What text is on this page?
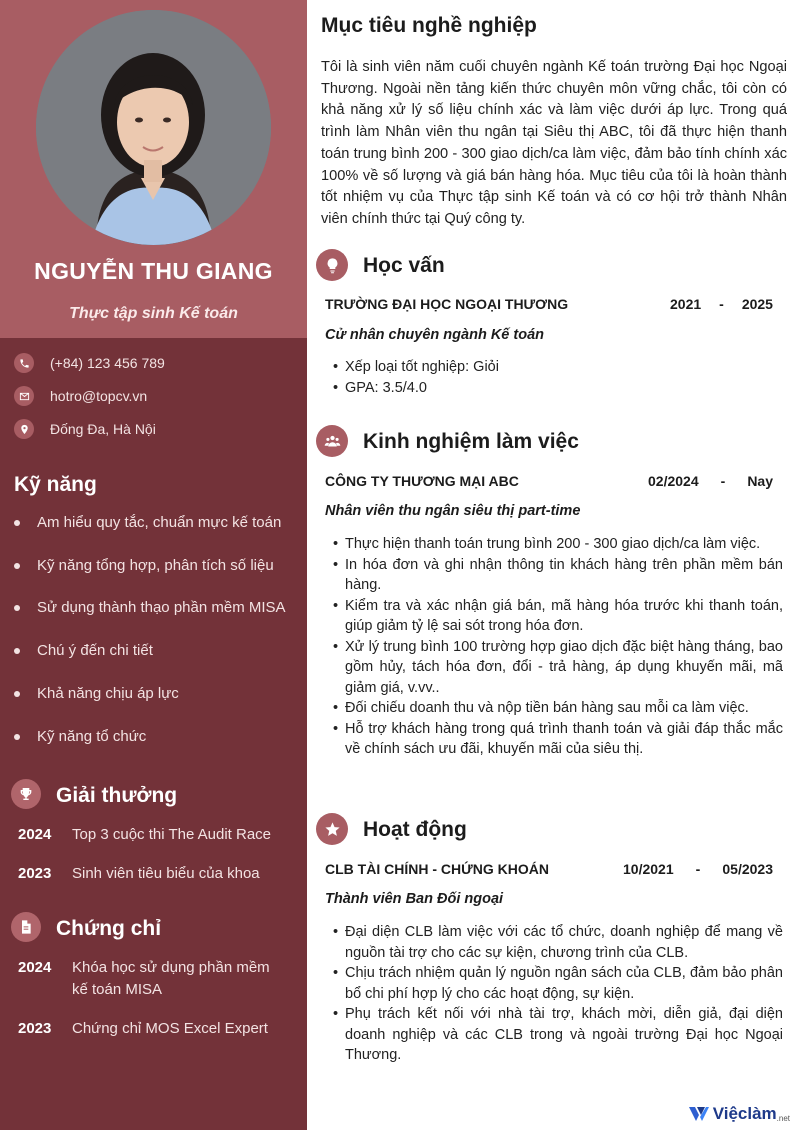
NGUYỄN THU GIANG
Thực tập sinh Kế toán
(+84) 123 456 789
hotro@topcv.vn
Đống Đa, Hà Nội
Kỹ năng
Am hiểu quy tắc, chuẩn mực kế toán
Kỹ năng tổng hợp, phân tích số liệu
Sử dụng thành thạo phần mềm MISA
Chú ý đến chi tiết
Khả năng chịu áp lực
Kỹ năng tổ chức
Giải thưởng
2024	Top 3 cuộc thi The Audit Race
2023	Sinh viên tiêu biểu của khoa
Chứng chỉ
2024	Khóa học sử dụng phần mềm kế toán MISA
2023	Chứng chỉ MOS Excel Expert
Mục tiêu nghề nghiệp
Tôi là sinh viên năm cuối chuyên ngành Kế toán trường Đại học Ngoại Thương. Ngoài nền tảng kiến thức chuyên môn vững chắc, tôi còn có khả năng xử lý số liệu chính xác và làm việc dưới áp lực. Trong quá trình làm Nhân viên thu ngân tại Siêu thị ABC, tôi đã thực hiện thanh toán trung bình 200 - 300 giao dịch/ca làm việc, đảm bảo tính chính xác 100% về số lượng và giá bán hàng hóa. Mục tiêu của tôi là hoàn thành tốt nhiệm vụ của Thực tập sinh Kế toán và có cơ hội trở thành Nhân viên chính thức tại Quý công ty.
Học vấn
TRƯỜNG ĐẠI HỌC NGOẠI THƯƠNG	2021 - 2025
Cử nhân chuyên ngành Kế toán
• Xếp loại tốt nghiệp: Giỏi
• GPA: 3.5/4.0
Kinh nghiệm làm việc
CÔNG TY THƯƠNG MẠI ABC	02/2024 - Nay
Nhân viên thu ngân siêu thị part-time
• Thực hiện thanh toán trung bình 200 - 300 giao dịch/ca làm việc.
• In hóa đơn và ghi nhận thông tin khách hàng trên phần mềm bán hàng.
• Kiểm tra và xác nhận giá bán, mã hàng hóa trước khi thanh toán, giúp giảm tỷ lệ sai sót trong hóa đơn.
• Xử lý trung bình 100 trường hợp giao dịch đặc biệt hàng tháng, bao gồm hủy, tách hóa đơn, đổi - trả hàng, áp dụng khuyến mãi, mã giảm giá, v.vv..
• Đối chiếu doanh thu và nộp tiền bán hàng sau mỗi ca làm việc.
• Hỗ trợ khách hàng trong quá trình thanh toán và giải đáp thắc mắc về chính sách ưu đãi, khuyến mãi của siêu thị.
Hoạt động
CLB TÀI CHÍNH - CHỨNG KHOÁN	10/2021 - 05/2023
Thành viên Ban Đối ngoại
• Đại diện CLB làm việc với các tổ chức, doanh nghiệp để mang về nguồn tài trợ cho các sự kiện, chương trình của CLB.
• Chịu trách nhiệm quản lý nguồn ngân sách của CLB, đảm bảo phân bổ chi phí hợp lý cho các hoạt động, sự kiện.
• Phụ trách kết nối với nhà tài trợ, khách mời, diễn giả, đại diện doanh nghiệp và các CLB trong và ngoài trường Đại học Ngoại Thương.
Việclàm .net
